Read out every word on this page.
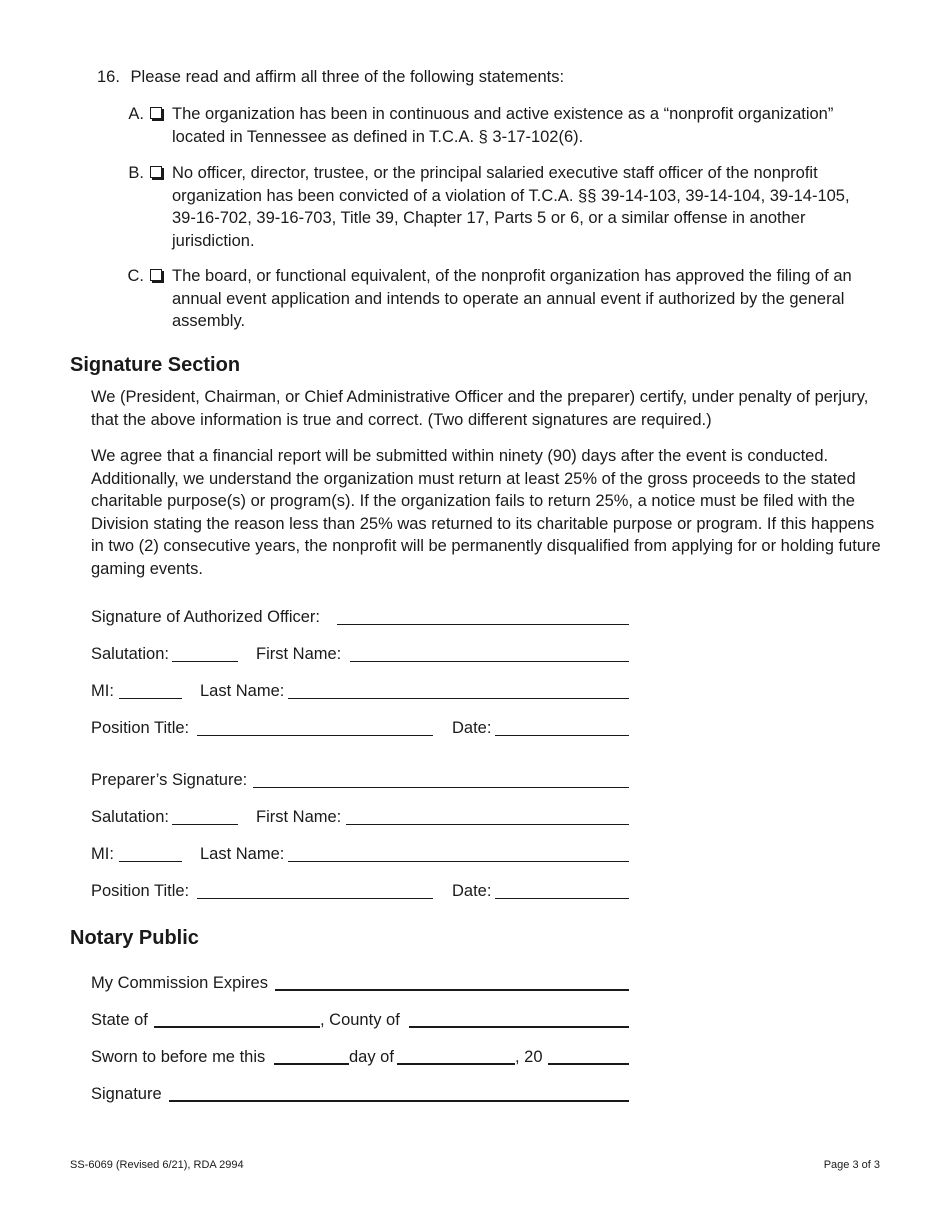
16. Please read and affirm all three of the following statements:
A. The organization has been in continuous and active existence as a “nonprofit organization” located in Tennessee as defined in T.C.A. § 3-17-102(6).
B. No officer, director, trustee, or the principal salaried executive staff officer of the nonprofit organization has been convicted of a violation of T.C.A. §§ 39-14-103, 39-14-104, 39-14-105, 39-16-702, 39-16-703, Title 39, Chapter 17, Parts 5 or 6, or a similar offense in another jurisdiction.
C. The board, or functional equivalent, of the nonprofit organization has approved the filing of an annual event application and intends to operate an annual event if authorized by the general assembly.
Signature Section

We (President, Chairman, or Chief Administrative Officer and the preparer) certify, under penalty of perjury, that the above information is true and correct. (Two different signatures are required.)

We agree that a financial report will be submitted within ninety (90) days after the event is conducted. Additionally, we understand the organization must return at least 25% of the gross proceeds to the stated charitable purpose(s) or program(s). If the organization fails to return 25%, a notice must be filed with the Division stating the reason less than 25% was returned to its charitable purpose or program. If this happens in two (2) consecutive years, the nonprofit will be permanently disqualified from applying for or holding future gaming events.

Signature of Authorized Officer:
Salutation:	First Name:
MI:	Last Name:
Position Title:	Date:
Preparer’s Signature:
Salutation:	First Name:
MI:	Last Name:
Position Title:	Date:
Notary Public
My Commission Expires
State of	, County of
Sworn to before me this	day of	, 20
Signature
SS-6069 (Revised 6/21), RDA 2994	Page 3 of 3
